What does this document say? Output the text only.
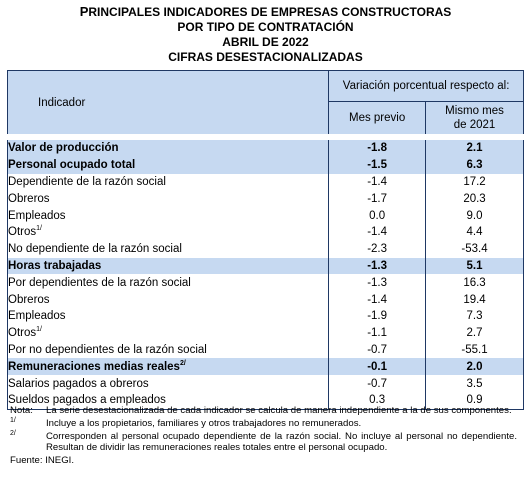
PRINCIPALES INDICADORES DE EMPRESAS CONSTRUCTORAS
POR TIPO DE CONTRATACIÓN
ABRIL DE 2022
CIFRAS DESESTACIONALIZADAS
Indicador	Variación porcentual respecto al:	
	Mes previo	Mismo mes
de 2021
Valor de producción	-1.8	2.1
Personal ocupado total	-1.5	6.3
Dependiente de la razón social	-1.4	17.2
Obreros	-1.7	20.3
Empleados	0.0	9.0
Otros$^{1/}$	-1.4	4.4
No dependiente de la razón social	-2.3	-53.4
Horas trabajadas	-1.3	5.1
Por dependientes de la razón social	-1.3	16.3
Obreros	-1.4	19.4
Empleados	-1.9	7.3
Otros$^{1/}$	-1.1	2.7
Por no dependientes de la razón social	-0.7	-55.1
Remuneraciones medias reales$^{2/}$	-0.1	2.0
Salarios pagados a obreros	-0.7	3.5
Sueldos pagados a empleados	0.3	0.9
Nota:	La serie desestacionalizada de cada indicador se calcula de manera independiente a la de sus componentes.
$^{1/}$	Incluye a los propietarios, familiares y otros trabajadores no remunerados.
$^{2/}$	Corresponden al personal ocupado dependiente de la razón social. No incluye al personal no dependiente. Resultan de dividir las remuneraciones reales totales entre el personal ocupado.
Fuente: INEGI.
